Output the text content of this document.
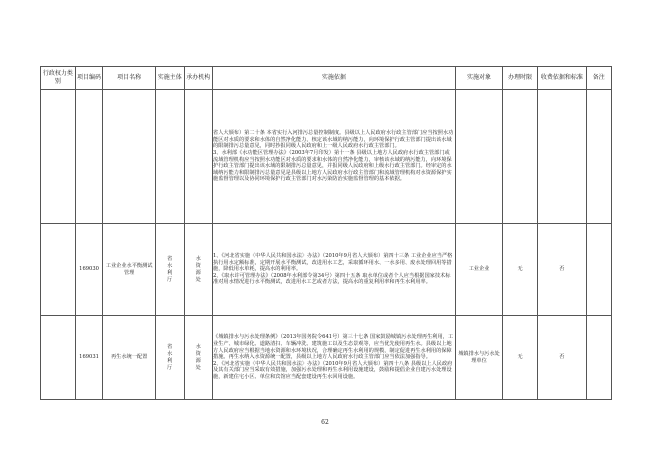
行政权力类别	项目编码	项目名称	实施主体	承办机构	实施依据	实施对象	办理时限	收费依据和标准	备注
					省人大颁布）第二十条 本省实行入河排污总量控制制度。县级以上人民政府水行政主管部门应当按照水功能区对水质的要求和水体的自然净化能力，核定该水域的纳污能力，向环境保护行政主管部门提出该水域的限制排污总量意见，同时抄报同级人民政府和上一级人民政府水行政主管部门。
3、水利部《水功能区管理办法》（2003年7月印发）第十一条 县级以上地方人民政府水行政主管部门或流域管理机构应当按照水功能区对水质的要求和水体的自然净化能力，审核该水域的纳污能力，向环境保护行政主管部门提出该水域的限制排污总量意见，并报同级人民政府和上级水行政主管部门。经审定的水域纳污能力和限制排污总量意见是县级以上地方人民政府水行政主管部门和流域管理机构对水资源保护实施监督管理以及协同环境保护行政主管部门对水污染防治实施监督管理的基本依据。				
	169030	工业企业水平衡测试管理	省水利厅	水资源处	1、《河北省实施〈中华人民共和国水法〉办法》（2010年9月省人大颁布）第四十三条 工业企业应当严格执行用水定额标准，定期开展水平衡测试，改进用水工艺，采取循环用水、一水多用、废水处理回用等措施，降低用水单耗，提高水的利用率。
2、《取水许可管理办法》（2008年水利部令第34号）第四十五条 取水单位或者个人应当根据国家技术标准对用水情况进行水平衡测试，改进用水工艺或者方法，提高水的重复利用率和再生水利用率。	工业企业	无	否	
	169031	再生水统一配置	省水利厅	水资源处	《城镇排水与污水处理条例》（2013年国务院令641号）第三十七条 国家鼓励城镇污水处理再生利用，工业生产、城市绿化、道路清扫、车辆冲洗、建筑施工以及生态景观等，应当优先使用再生水。县级以上地方人民政府应当根据当地水资源和水环境状况，合理确定再生水利用的规模，制定促进再生水利用的保障措施。再生水纳入水资源统一配置，县级以上地方人民政府水行政主管部门应当依法加强指导。
2、《河北省实施〈中华人民共和国水法〉办法》（2010年9月省人大颁布）第四十八条 县级以上人民政府及其有关部门应当采取有效措施，加强污水处理和再生水利用设施建设，鼓励和提倡企业自建污水处理设施，新建住宅小区、单位和宾馆应当配套建设再生水回用设施。	城镇排水与污水处理单位	无	否	
62
